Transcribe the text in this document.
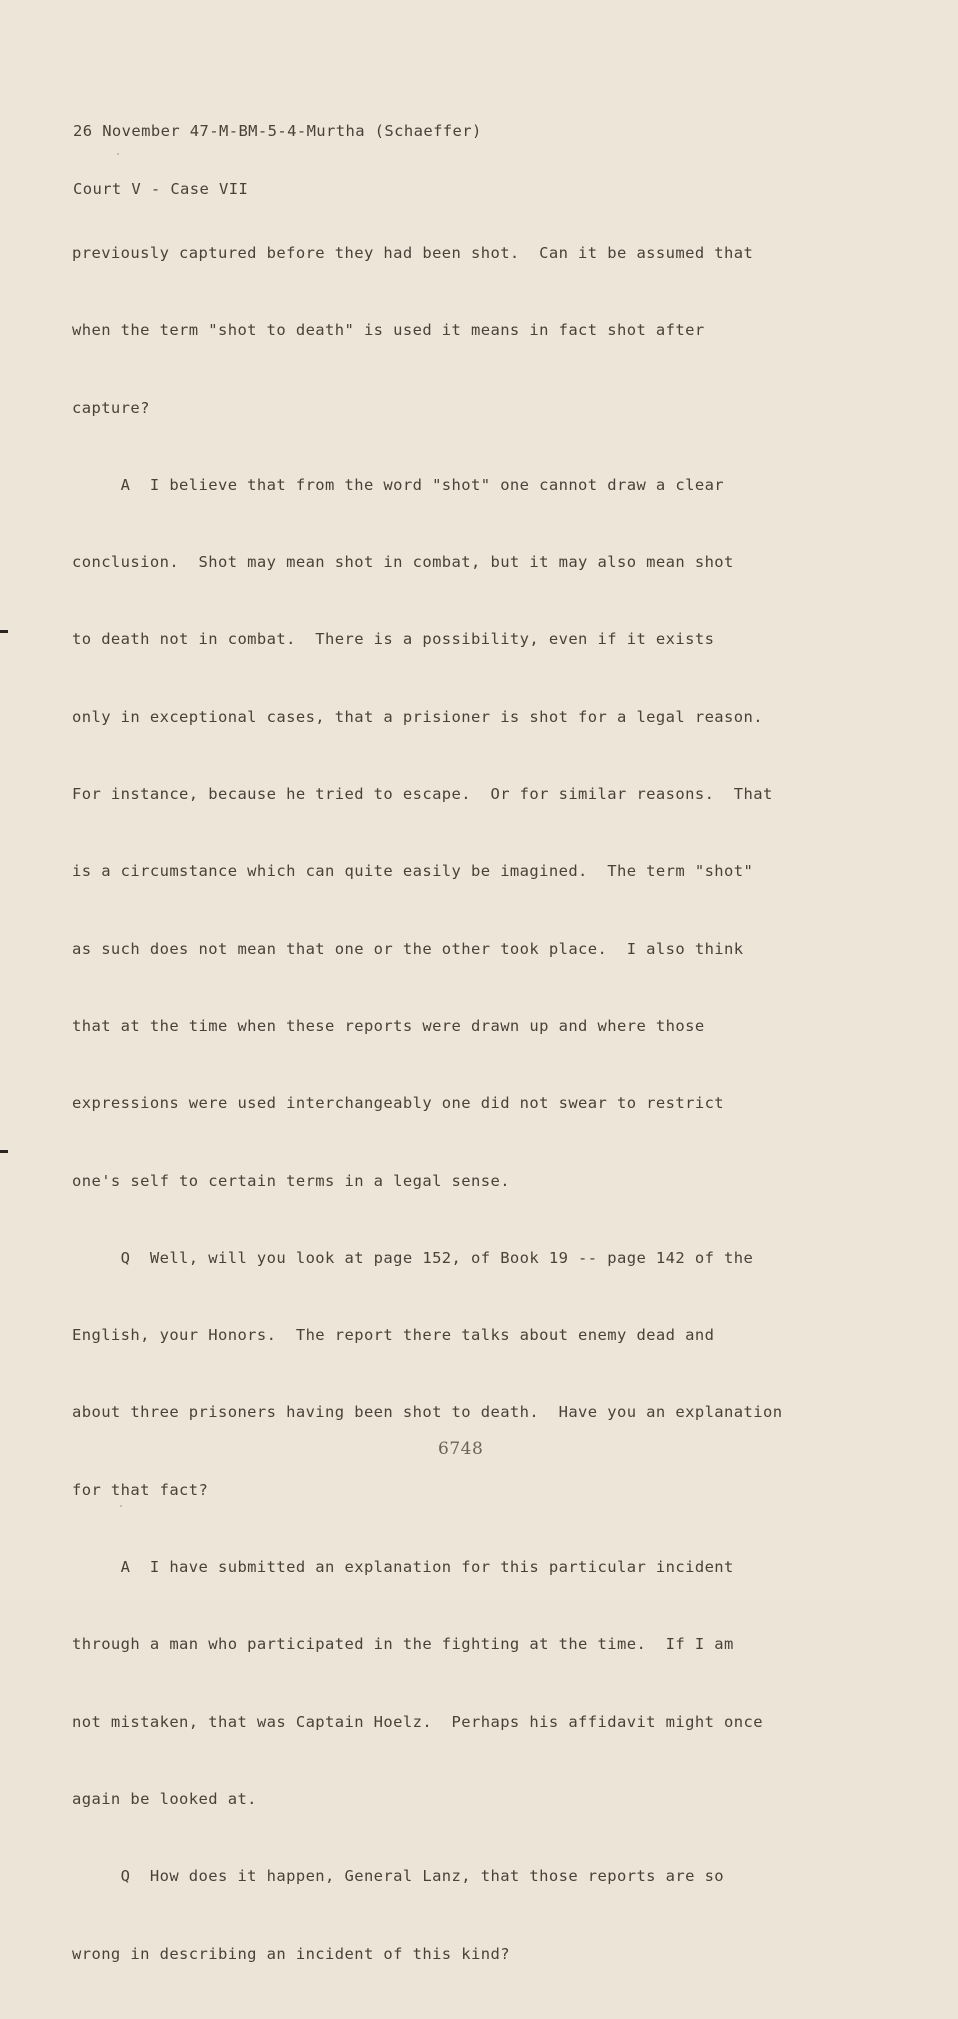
26 November 47-M-BM-5-4-Murtha (Schaeffer)

Court V - Case VII

previously captured before they had been shot.  Can it be assumed that

when the term "shot to death" is used it means in fact shot after

capture?

A  I believe that from the word "shot" one cannot draw a clear

conclusion.  Shot may mean shot in combat, but it may also mean shot

to death not in combat.  There is a possibility, even if it exists

only in exceptional cases, that a prisioner is shot for a legal reason.

For instance, because he tried to escape.  Or for similar reasons.  That

is a circumstance which can quite easily be imagined.  The term "shot"

as such does not mean that one or the other took place.  I also think

that at the time when these reports were drawn up and where those

expressions were used interchangeably one did not swear to restrict

one's self to certain terms in a legal sense.

Q  Well, will you look at page 152, of Book 19 -- page 142 of the

English, your Honors.  The report there talks about enemy dead and

about three prisoners having been shot to death.  Have you an explanation

for that fact?

A  I have submitted an explanation for this particular incident

through a man who participated in the fighting at the time.  If I am

not mistaken, that was Captain Hoelz.  Perhaps his affidavit might once

again be looked at.

Q  How does it happen, General Lanz, that those reports are so

wrong in describing an incident of this kind?

6748
